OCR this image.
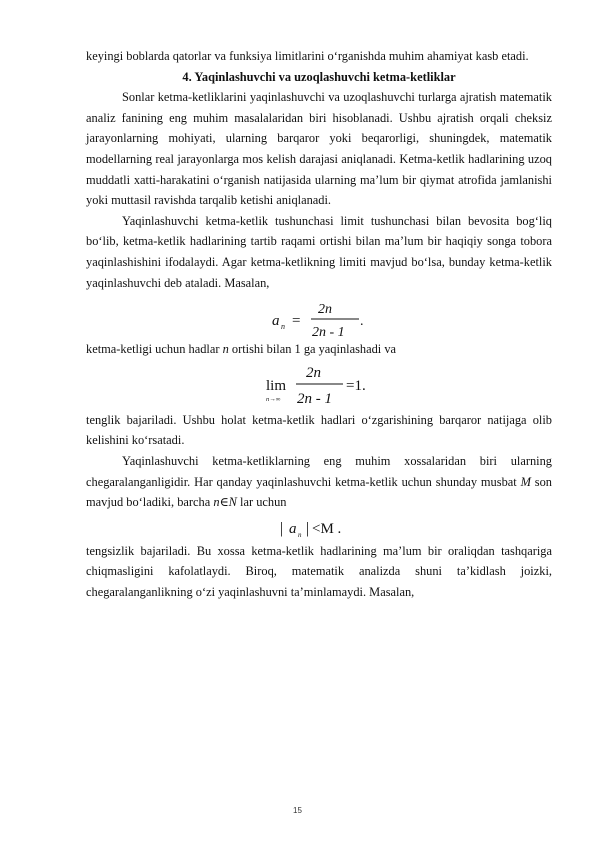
keyingi boblarda qatorlar va funksiya limitlarini o‘rganishda muhim ahamiyat kasb etadi.

4. Yaqinlashuvchi va uzoqlashuvchi ketma-ketliklar

Sonlar ketma-ketliklarini yaqinlashuvchi va uzoqlashuvchi turlarga ajratish matematik analiz fanining eng muhim masalalaridan biri hisoblanadi. Ushbu ajratish orqali cheksiz jarayonlarning mohiyati, ularning barqaror yoki beqarorligi, shuningdek, matematik modellarning real jarayonlarga mos kelish darajasi aniqlanadi. Ketma-ketlik hadlarining uzoq muddatli xatti-harakatini o‘rganish natijasida ularning ma’lum bir qiymat atrofida jamlanishi yoki muttasil ravishda tarqalib ketishi aniqlanadi.

Yaqinlashuvchi ketma-ketlik tushunchasi limit tushunchasi bilan bevosita bog‘liq bo‘lib, ketma-ketlik hadlarining tartib raqami ortishi bilan ma’lum bir haqiqiy songa tobora yaqinlashishini ifodalaydi. Agar ketma-ketlikning limiti mavjud bo‘lsa, bunday ketma-ketlik yaqinlashuvchi deb ataladi. Masalan,

a n =
2n
2n - 1
.

ketma-ketligi uchun hadlar n ortishi bilan 1 ga yaqinlashadi va

lim
n→∞
2n
2n - 1
=1.

tenglik bajariladi. Ushbu holat ketma-ketlik hadlari o‘zgarishining barqaror natijaga olib kelishini ko‘rsatadi.

Yaqinlashuvchi ketma-ketliklarning eng muhim xossalaridan biri ularning chegaralanganligidir. Har qanday yaqinlashuvchi ketma-ketlik uchun shunday musbat M son mavjud bo‘ladiki, barcha n∈N lar uchun

| a n | <M .

tengsizlik bajariladi. Bu xossa ketma-ketlik hadlarining ma’lum bir oraliqdan tashqariga chiqmasligini kafolatlaydi. Biroq, matematik analizda shuni ta’kidlash joizki, chegaralanganlikning o‘zi yaqinlashuvni ta’minlamaydi. Masalan,

15
